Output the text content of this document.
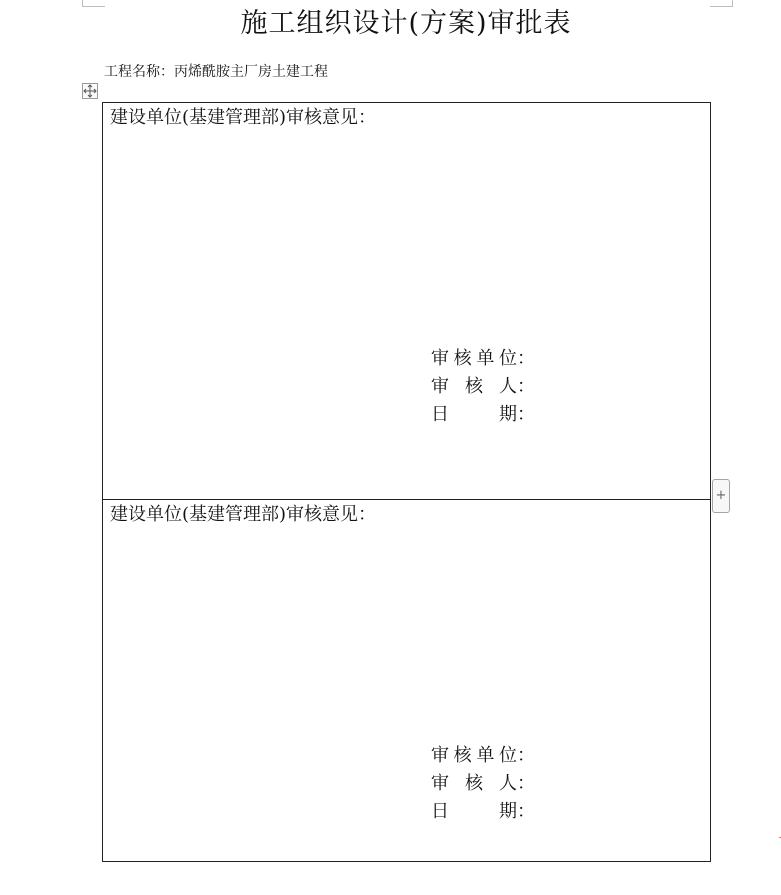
施工组织设计(方案)审批表
工程名称：丙烯酰胺主厂房土建工程
建设单位(基建管理部)审核意见：
审核单位 ：
审核人 ：
日期 ：
建设单位(基建管理部)审核意见：
审核单位 ：
审核人 ：
日期 ：
+
